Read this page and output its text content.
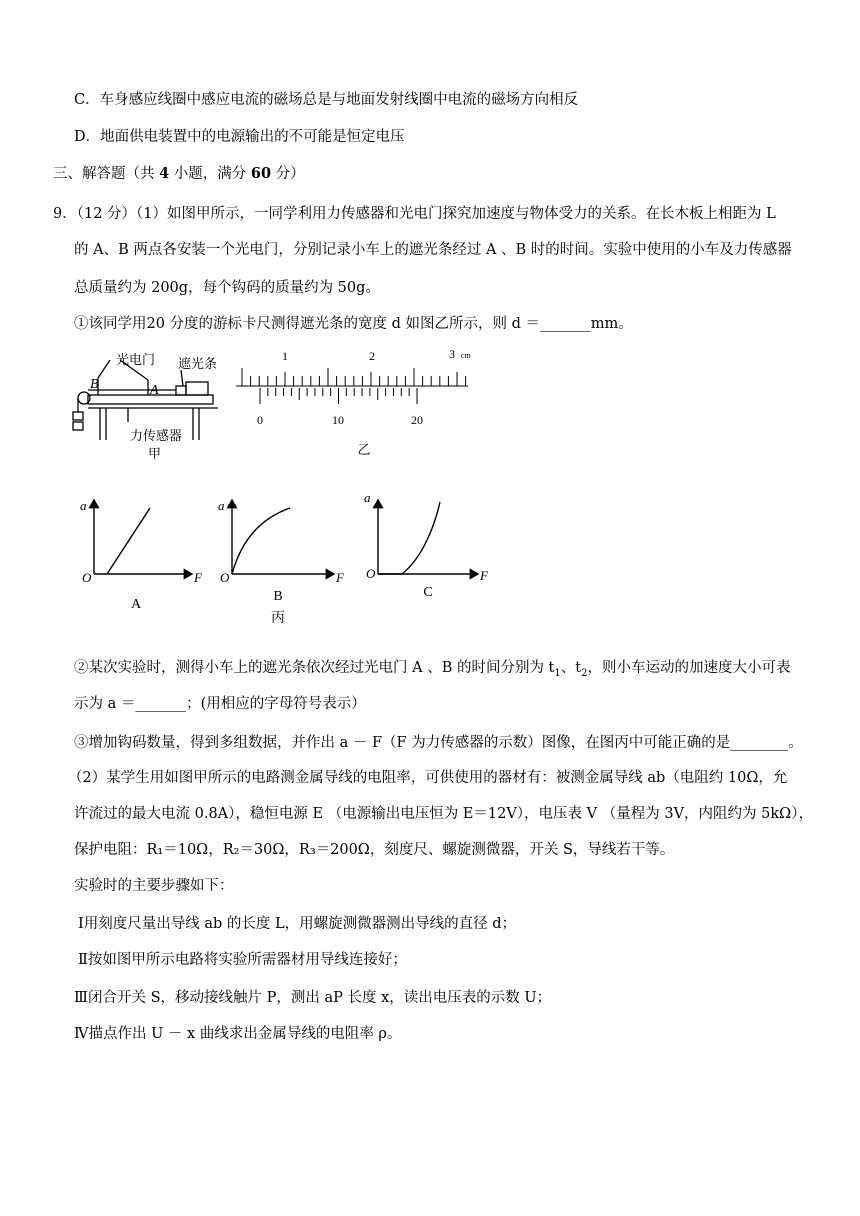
C．车身感应线圈中感应电流的磁场总是与地面发射线圈中电流的磁场方向相反
D．地面供电装置中的电源输出的不可能是恒定电压
三、解答题（共 4 小题，满分 60 分）
9．（12 分）（1）如图甲所示，一同学利用力传感器和光电门探究加速度与物体受力的关系。在长木板上相距为 L
的 A、B 两点各安装一个光电门，分别记录小车上的遮光条经过 A 、B 时的时间。实验中使用的小车及力传感器
总质量约为 200g，每个钩码的质量约为 50g。
①该同学用20 分度的游标卡尺测得遮光条的宽度 d 如图乙所示，则 d ＝_______mm。
光电门 遮光条
力传感器
B	A
甲
1	2	3 cm
0	10	20
乙
a
F
O
A
a
F
O
B
丙
a
F
O
C
②某次实验时，测得小车上的遮光条依次经过光电门 A 、B 的时间分别为 $t_1$、$t_2$，则小车运动的加速度大小可表
示为 a ＝_______；(用相应的字母符号表示）
③增加钩码数量，得到多组数据，并作出 a － F（F 为力传感器的示数）图像，在图丙中可能正确的是________。
（2）某学生用如图甲所示的电路测金属导线的电阻率，可供使用的器材有：被测金属导线 ab（电阻约 10Ω，允
许流过的最大电流 0.8A），稳恒电源 E （电源输出电压恒为 E＝12V），电压表 V （量程为 3V，内阻约为 5kΩ），
保护电阻：R₁＝10Ω，R₂＝30Ω，R₃＝200Ω，刻度尺、螺旋测微器，开关 S，导线若干等。
实验时的主要步骤如下：
Ⅰ用刻度尺量出导线 ab 的长度 L，用螺旋测微器测出导线的直径 d；
Ⅱ按如图甲所示电路将实验所需器材用导线连接好；
Ⅲ闭合开关 S，移动接线触片 P，测出 aP 长度 x，读出电压表的示数 U；
Ⅳ描点作出 U － x 曲线求出金属导线的电阻率 ρ。
